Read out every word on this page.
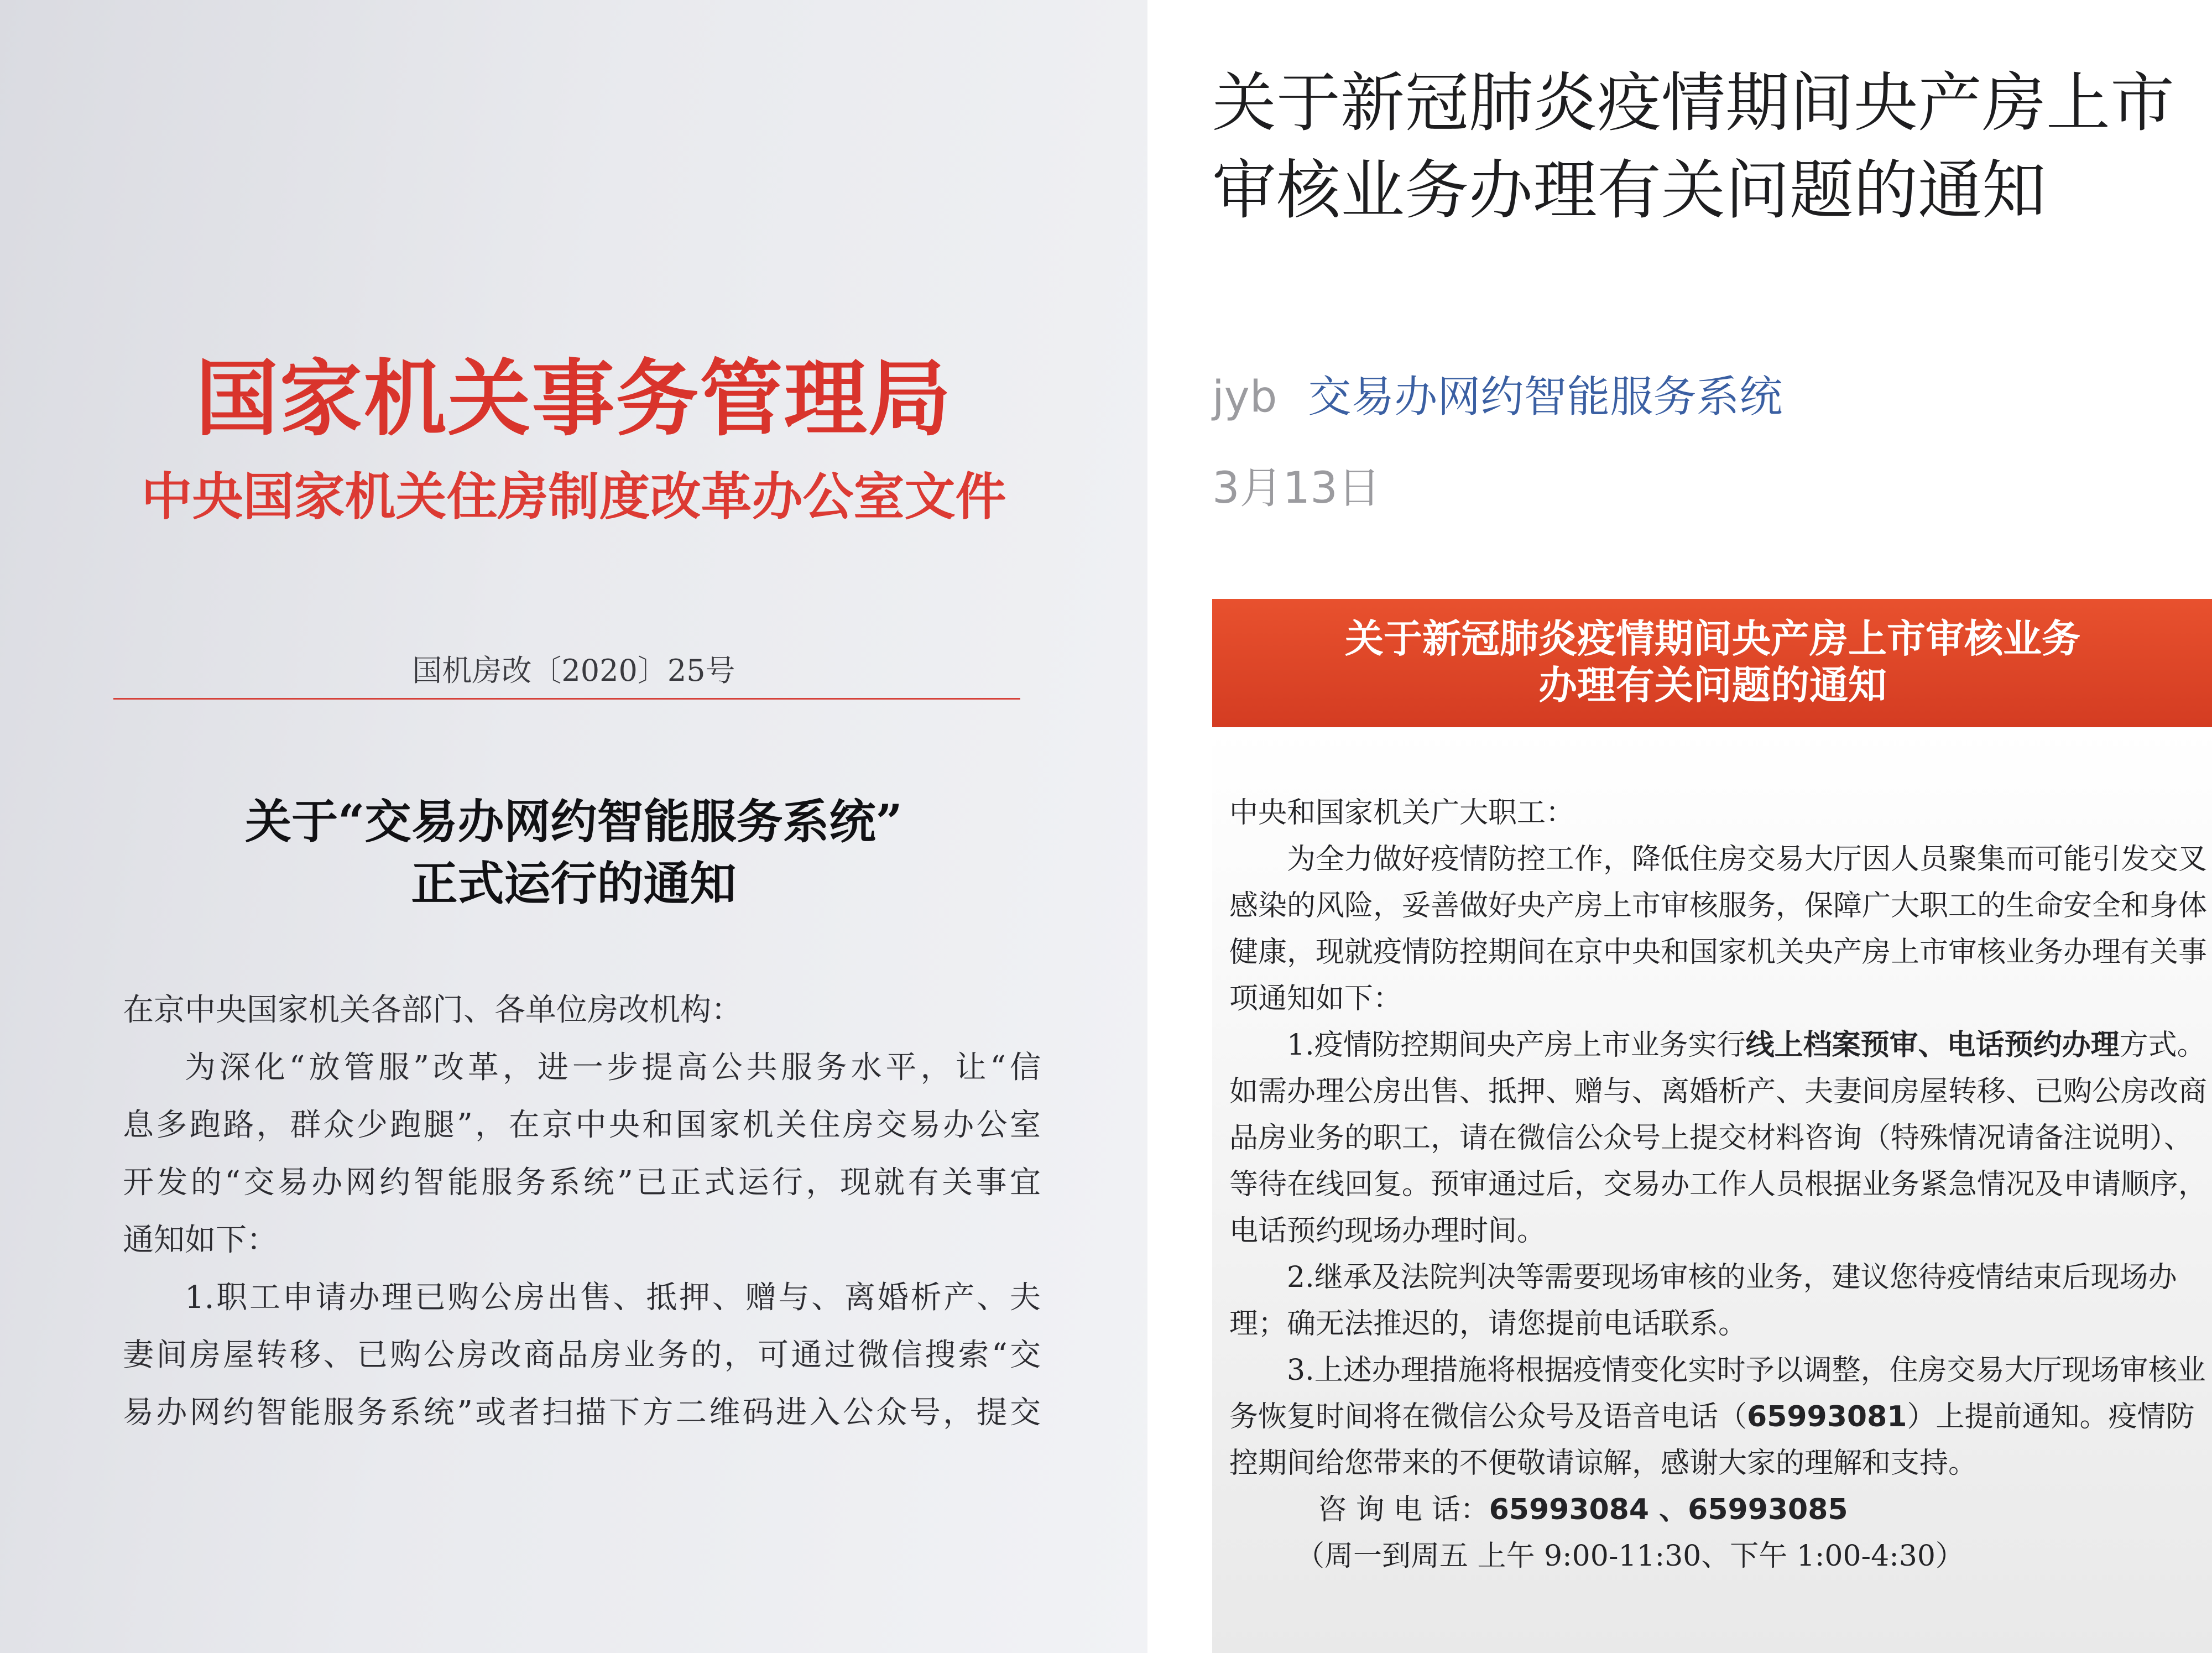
国家机关事务管理局
中央国家机关住房制度改革办公室文件
国机房改〔2020〕25号
关于“交易办网约智能服务系统”
正式运行的通知

在京中央国家机关各部门、各单位房改机构：

为深化“放管服”改革，进一步提高公共服务水平，让“信

息多跑路，群众少跑腿”，在京中央和国家机关住房交易办公室

开发的“交易办网约智能服务系统”已正式运行，现就有关事宜

通知如下：

1.职工申请办理已购公房出售、抵押、赠与、离婚析产、夫

妻间房屋转移、已购公房改商品房业务的，可通过微信搜索“交

易办网约智能服务系统”或者扫描下方二维码进入公众号，提交

关于新冠肺炎疫情期间央产房上市审核业务办理有关问题的通知
jyb 交易办网约智能服务系统
3月13日
关于新冠肺炎疫情期间央产房上市审核业务
办理有关问题的通知

中央和国家机关广大职工：

为全力做好疫情防控工作，降低住房交易大厅因人员聚集而可能引发交叉感染的风险，妥善做好央产房上市审核服务，保障广大职工的生命安全和身体健康，现就疫情防控期间在京中央和国家机关央产房上市审核业务办理有关事项通知如下：

1.疫情防控期间央产房上市业务实行线上档案预审、电话预约办理方式。如需办理公房出售、抵押、赠与、离婚析产、夫妻间房屋转移、已购公房改商品房业务的职工，请在微信公众号上提交材料咨询（特殊情况请备注说明）、等待在线回复。预审通过后，交易办工作人员根据业务紧急情况及申请顺序，电话预约现场办理时间。

2.继承及法院判决等需要现场审核的业务，建议您待疫情结束后现场办理；确无法推迟的，请您提前电话联系。

3.上述办理措施将根据疫情变化实时予以调整，住房交易大厅现场审核业务恢复时间将在微信公众号及语音电话（65993081）上提前通知。疫情防控期间给您带来的不便敬请谅解，感谢大家的理解和支持。

咨 询 电 话：65993084 、65993085

（周一到周五 上午 9:00-11:30、下午 1:00-4:30）
